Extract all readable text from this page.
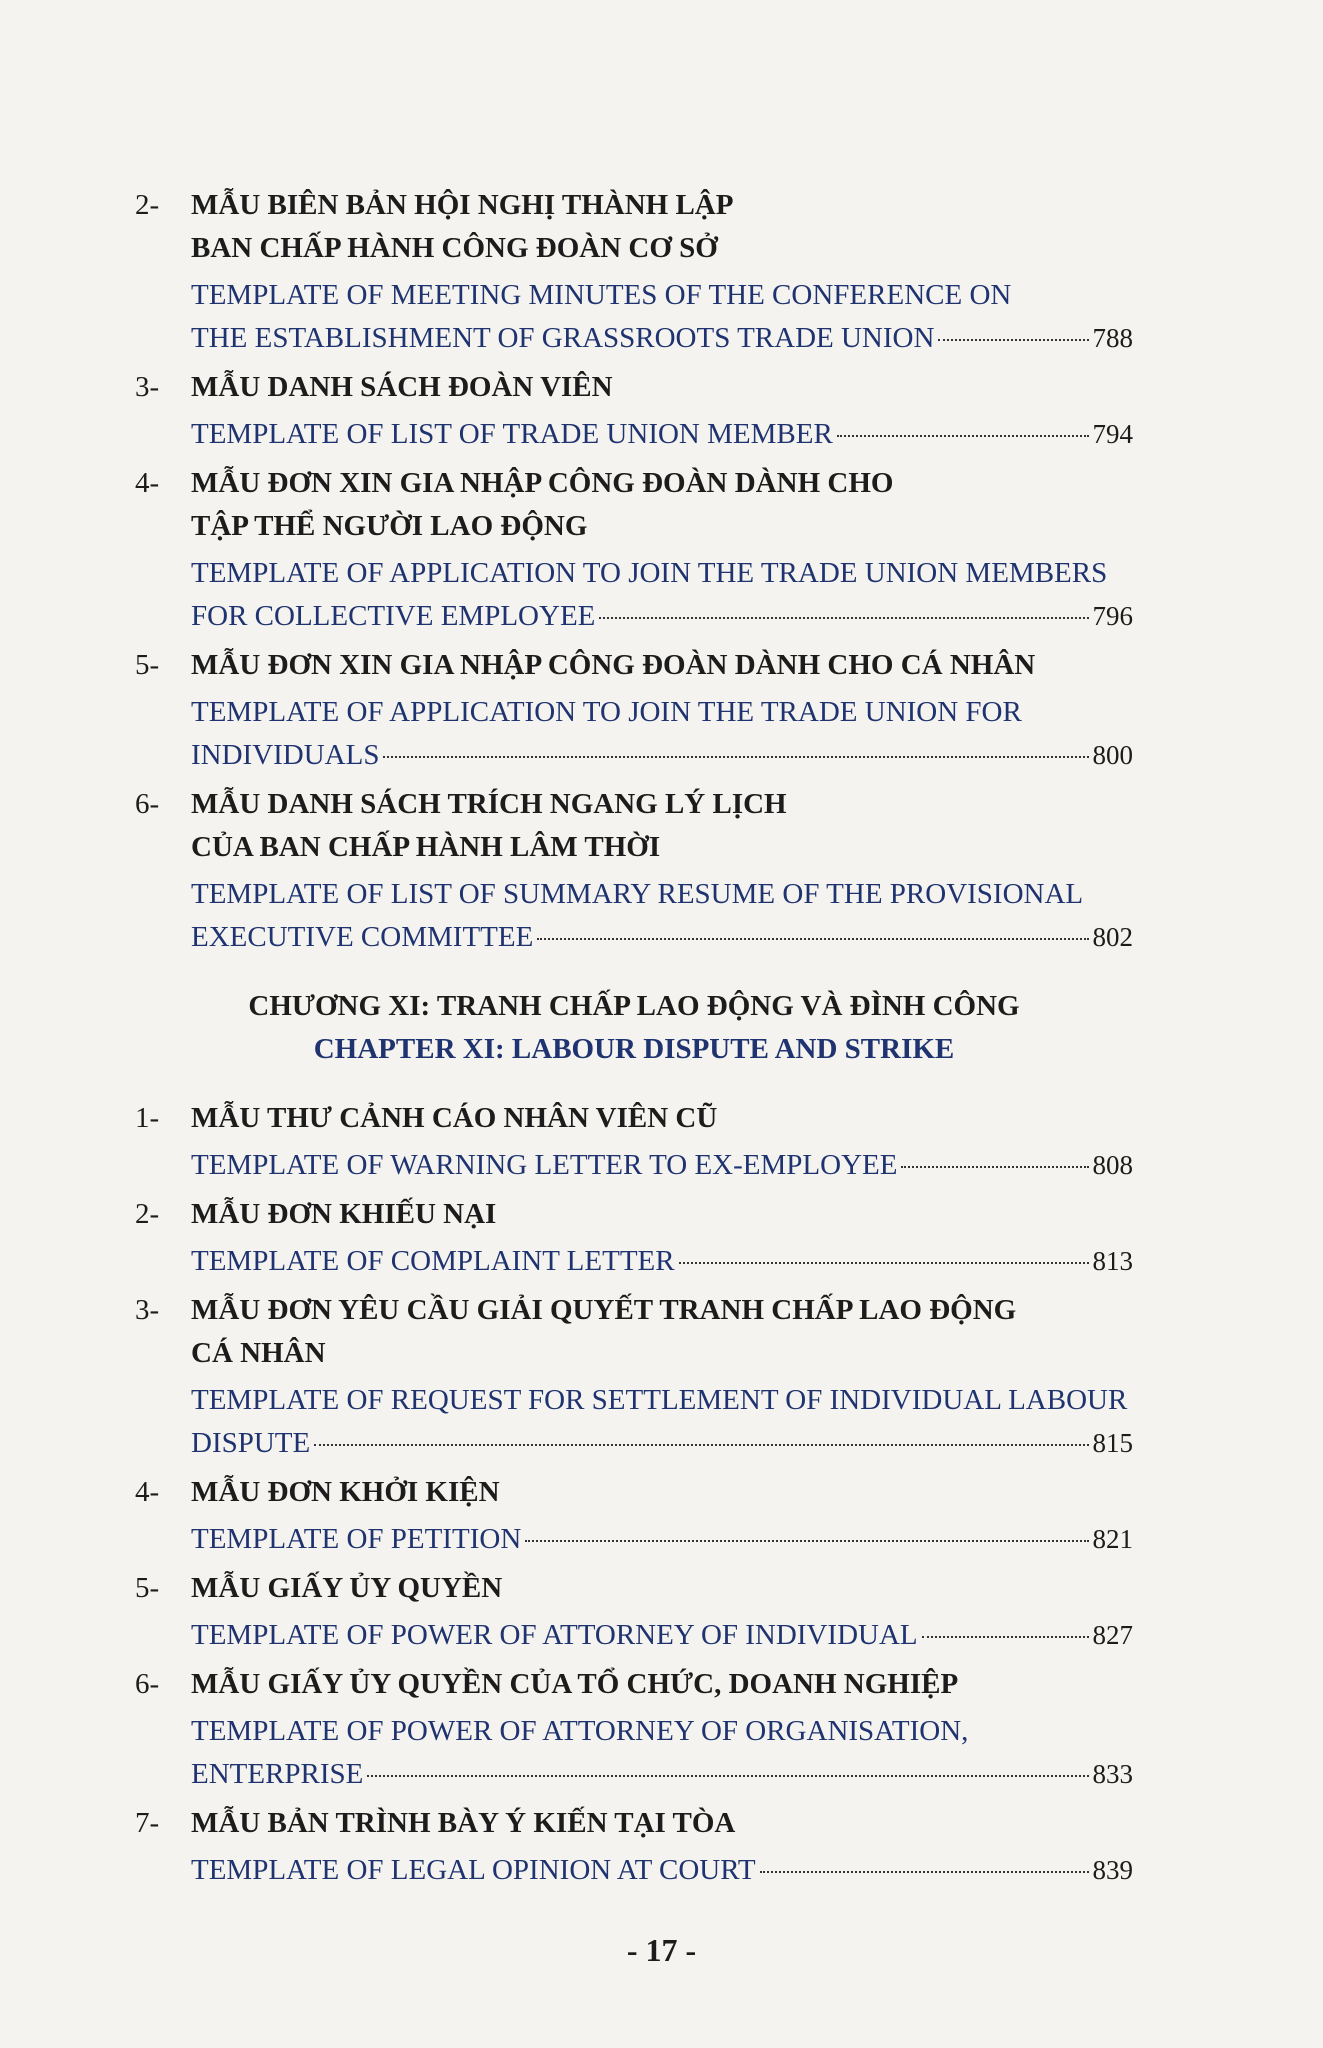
2-	MẪU BIÊN BẢN HỘI NGHỊ THÀNH LẬP
BAN CHẤP HÀNH CÔNG ĐOÀN CƠ SỞ
TEMPLATE OF MEETING MINUTES OF THE CONFERENCE ON
THE ESTABLISHMENT OF GRASSROOTS TRADE UNION	788
3-	MẪU DANH SÁCH ĐOÀN VIÊN
TEMPLATE OF LIST OF TRADE UNION MEMBER	794
4-	MẪU ĐƠN XIN GIA NHẬP CÔNG ĐOÀN DÀNH CHO
TẬP THỂ NGƯỜI LAO ĐỘNG
TEMPLATE OF APPLICATION TO JOIN THE TRADE UNION MEMBERS
FOR COLLECTIVE EMPLOYEE	796
5-	MẪU ĐƠN XIN GIA NHẬP CÔNG ĐOÀN DÀNH CHO CÁ NHÂN
TEMPLATE OF APPLICATION TO JOIN THE TRADE UNION FOR
INDIVIDUALS	800
6-	MẪU DANH SÁCH TRÍCH NGANG LÝ LỊCH
CỦA BAN CHẤP HÀNH LÂM THỜI
TEMPLATE OF LIST OF SUMMARY RESUME OF THE PROVISIONAL
EXECUTIVE COMMITTEE	802
CHƯƠNG XI: TRANH CHẤP LAO ĐỘNG VÀ ĐÌNH CÔNG
CHAPTER XI: LABOUR DISPUTE AND STRIKE
1-	MẪU THƯ CẢNH CÁO NHÂN VIÊN CŨ
TEMPLATE OF WARNING LETTER TO EX-EMPLOYEE	808
2-	MẪU ĐƠN KHIẾU NẠI
TEMPLATE OF COMPLAINT LETTER	813
3-	MẪU ĐƠN YÊU CẦU GIẢI QUYẾT TRANH CHẤP LAO ĐỘNG
CÁ NHÂN
TEMPLATE OF REQUEST FOR SETTLEMENT OF INDIVIDUAL LABOUR
DISPUTE	815
4-	MẪU ĐƠN KHỞI KIỆN
TEMPLATE OF PETITION	821
5-	MẪU GIẤY ỦY QUYỀN
TEMPLATE OF POWER OF ATTORNEY OF INDIVIDUAL	827
6-	MẪU GIẤY ỦY QUYỀN CỦA TỔ CHỨC, DOANH NGHIỆP
TEMPLATE OF POWER OF ATTORNEY OF ORGANISATION,
ENTERPRISE	833
7-	MẪU BẢN TRÌNH BÀY Ý KIẾN TẠI TÒA
TEMPLATE OF LEGAL OPINION AT COURT	839
- 17 -
